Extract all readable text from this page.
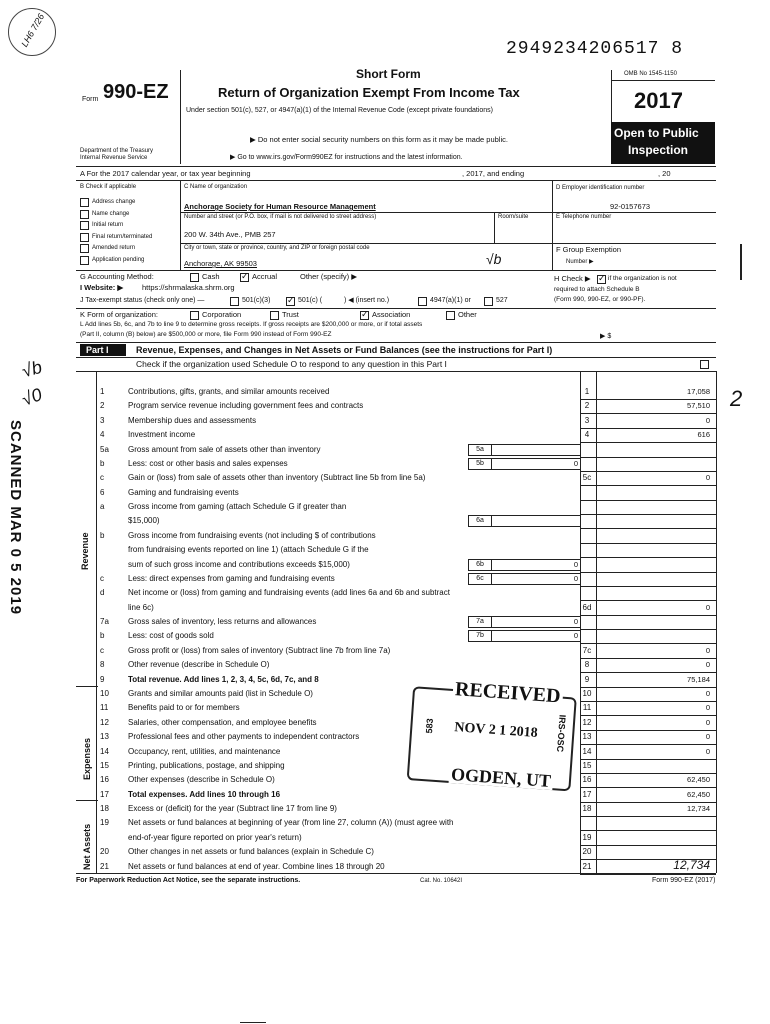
LH6 7/26
2949234206517 8
Form 990-EZ
Department of the Treasury
Internal Revenue Service
Short Form
Return of Organization Exempt From Income Tax
Under section 501(c), 527, or 4947(a)(1) of the Internal Revenue Code (except private foundations)
▶ Do not enter social security numbers on this form as it may be made public.
▶ Go to www.irs.gov/Form990EZ for instructions and the latest information.
OMB No 1545-1150
2017
Open to Public
Inspection
A For the 2017 calendar year, or tax year beginning	, 2017, and ending	, 20
B Check if applicable
Address change
Name change
Initial return
Final return/terminated
Amended return
Application pending
C Name of organization
Anchorage Society for Human Resource Management
Number and street (or P.O. box, if mail is not delivered to street address)	Room/suite
200 W. 34th Ave., PMB 257
City or town, state or province, country, and ZIP or foreign postal code
Anchorage, AK 99503	√b
D Employer identification number
92-0157673
E Telephone number
F Group Exemption
Number ▶
G Accounting Method:	Cash ✓	Accrual	Other (specify) ▶	H Check ▶ ✓	if the organization is not
required to attach Schedule B
(Form 990, 990-EZ, or 990-PF).
I Website: ▶	https://shrmalaska.shrm.org
J Tax-exempt status (check only one) —	501(c)(3) ✓	501(c) (	) ◀ (insert no.)	4947(a)(1) or	527
K Form of organization:	Corporation	Trust ✓	Association	Other
L Add lines 5b, 6c, and 7b to line 9 to determine gross receipts. If gross receipts are $200,000 or more, or if total assets
(Part II, column (B) below) are $500,000 or more, file Form 990 instead of Form 990-EZ	▶ $
Part I	Revenue, Expenses, and Changes in Net Assets or Fund Balances (see the instructions for Part I)
Check if the organization used Schedule O to respond to any question in this Part I
Revenue
Expenses
Net Assets
1	Contributions, gifts, grants, and similar amounts received	1	17,058
2	Program service revenue including government fees and contracts	2	57,510
3	Membership dues and assessments	3	0
4	Investment income	4	616
5a	Gross amount from sale of assets other than inventory	5a
b	Less: cost or other basis and sales expenses	5b	0
c	Gain or (loss) from sale of assets other than inventory (Subtract line 5b from line 5a)	5c	0
6	Gaming and fundraising events
a	Gross income from gaming (attach Schedule G if greater than
$15,000)	6a
b	Gross income from fundraising events (not including $ of contributions
from fundraising events reported on line 1) (attach Schedule G if the
sum of such gross income and contributions exceeds $15,000)	6b	0
c	Less: direct expenses from gaming and fundraising events	6c	0
d	Net income or (loss) from gaming and fundraising events (add lines 6a and 6b and subtract
line 6c)	6d	0
7a	Gross sales of inventory, less returns and allowances	7a	0
b	Less: cost of goods sold	7b	0
c	Gross profit or (loss) from sales of inventory (Subtract line 7b from line 7a)	7c	0
8	Other revenue (describe in Schedule O)	8	0
9	Total revenue. Add lines 1, 2, 3, 4, 5c, 6d, 7c, and 8	9	75,184
10	Grants and similar amounts paid (list in Schedule O)	10	0
11	Benefits paid to or for members	11	0
12	Salaries, other compensation, and employee benefits	12	0
13	Professional fees and other payments to independent contractors	13	0
14	Occupancy, rent, utilities, and maintenance	14	0
15	Printing, publications, postage, and shipping	15
16	Other expenses (describe in Schedule O)	16	62,450
17	Total expenses. Add lines 10 through 16	17	62,450
18	Excess or (deficit) for the year (Subtract line 17 from line 9)	18	12,734
19	Net assets or fund balances at beginning of year (from line 27, column (A)) (must agree with
end-of-year figure reported on prior year's return)	19
20	Other changes in net assets or fund balances (explain in Schedule C)	20
21	Net assets or fund balances at end of year. Combine lines 18 through 20	21	12,734
RECEIVED
NOV 2 1 2018
OGDEN, UT
583	IRS-OSC
SCANNED MAR 0 5 2019
√b
√0	2
For Paperwork Reduction Act Notice, see the separate instructions.	Cat. No. 10642I	Form 990-EZ (2017)
